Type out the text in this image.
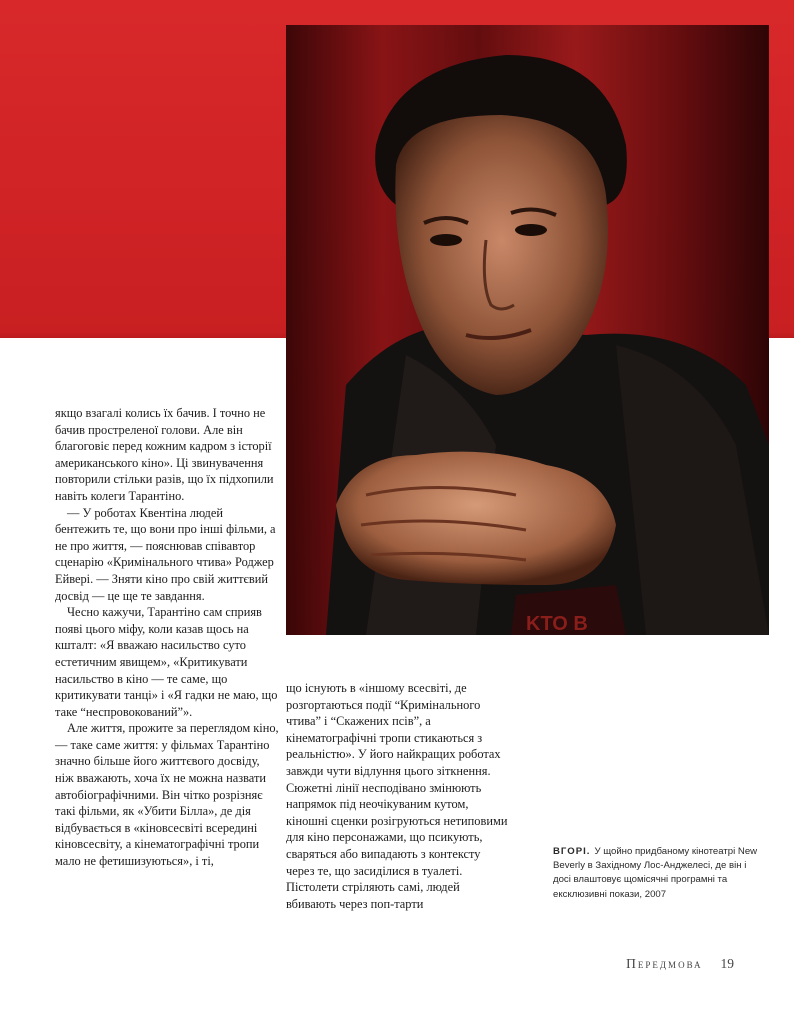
KTO B

якщо взагалі колись їх бачив. І точно не бачив простреленої голови. Але він благоговіє перед кожним кадром з історії американського кіно». Ці звинувачення повторили стільки разів, що їх підхопили навіть колеги Тарантіно.

— У роботах Квентіна людей бентежить те, що вони про інші фільми, а не про життя, — пояснював співавтор сценарію «Кримінального чтива» Роджер Ейвері. — Зняти кіно про свій життєвий досвід — це ще те завдання.

Чесно кажучи, Тарантіно сам сприяв появі цього міфу, коли казав щось на кшталт: «Я вважаю насильство суто естетичним явищем», «Критикувати насильство в кіно — те саме, що критикувати танці» і «Я гадки не маю, що таке “неспровокований”».

Але життя, прожите за переглядом кіно, — таке саме життя: у фільмах Тарантіно значно більше його життєвого досвіду, ніж вважають, хоча їх не можна назвати автобіографічними. Він чітко розрізняє такі фільми, як «Убити Білла», де дія відбувається в «кіновсесвіті всередині кіновсесвіту, а кінематографічні тропи мало не фетишизуються», і ті,

що існують в «іншому всесвіті, де розгортаються події “Кримінального чтива” і “Скажених псів”, а кінематографічні тропи стикаються з реальністю». У його найкращих роботах завжди чути відлуння цього зіткнення. Сюжетні лінії несподівано змінюють напрямок під неочікуваним кутом, кіношні сценки розігруються нетиповими для кіно персонажами, що псикують, сваряться або випадають з контексту через те, що засиділися в туалеті. Пістолети стріляють самі, людей вбивають через поп-тарти

ВГОРІ. У щойно придбаному кінотеатрі New Beverly в Західному Лос-Анджелесі, де він і досі влаштовує щомісячні програмні та ексклюзивні покази, 2007
Передмова 19
